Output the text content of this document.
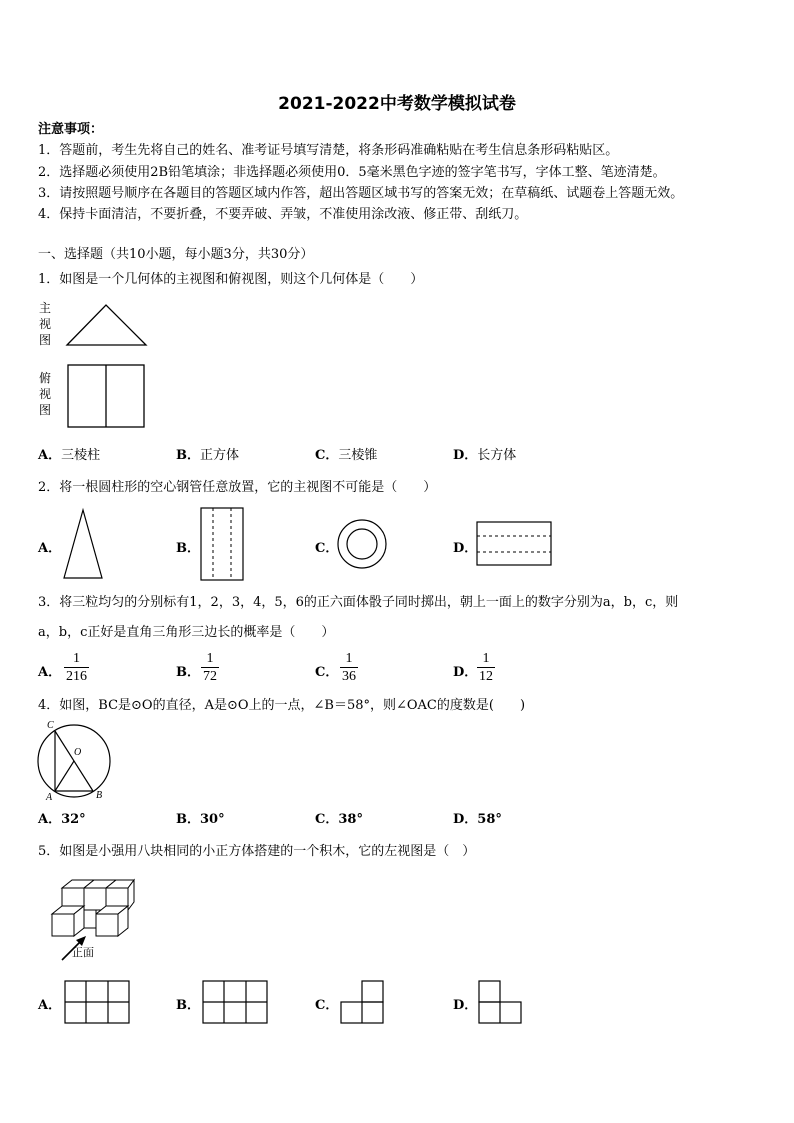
2021-2022中考数学模拟试卷
注意事项：
1．答题前，考生先将自己的姓名、准考证号填写清楚，将条形码准确粘贴在考生信息条形码粘贴区。
2．选择题必须使用2B铅笔填涂；非选择题必须使用0．5毫米黑色字迹的签字笔书写，字体工整、笔迹清楚。
3．请按照题号顺序在各题目的答题区域内作答，超出答题区域书写的答案无效；在草稿纸、试题卷上答题无效。
4．保持卡面清洁，不要折叠，不要弄破、弄皱，不准使用涂改液、修正带、刮纸刀。
一、选择题（共10小题，每小题3分，共30分）
1．如图是一个几何体的主视图和俯视图，则这个几何体是（　　）
主
视
图
俯
视
图
A．三棱柱	B．正方体	C．三棱锥	D．长方体
2．将一根圆柱形的空心钢管任意放置，它的主视图不可能是（　　）
A．	B．	C．	D．
3．将三粒均匀的分别标有1，2，3，4，5，6的正六面体骰子同时掷出，朝上一面上的数字分别为a，b，c，则
a，b，c正好是直角三角形三边长的概率是（　　）
A． $\frac{1}{216}$	B． $\frac{1}{72}$	C． $\frac{1}{36}$	D． $\frac{1}{12}$
4．如图，BC是⊙O的直径，A是⊙O上的一点，∠B＝58°，则∠OAC的度数是(　　)
C
O
A	B
A．32°	B．30°	C．38°	D．58°
5．如图是小强用八块相同的小正方体搭建的一个积木，它的左视图是（　）
正面
A．	B．	C．	D．
